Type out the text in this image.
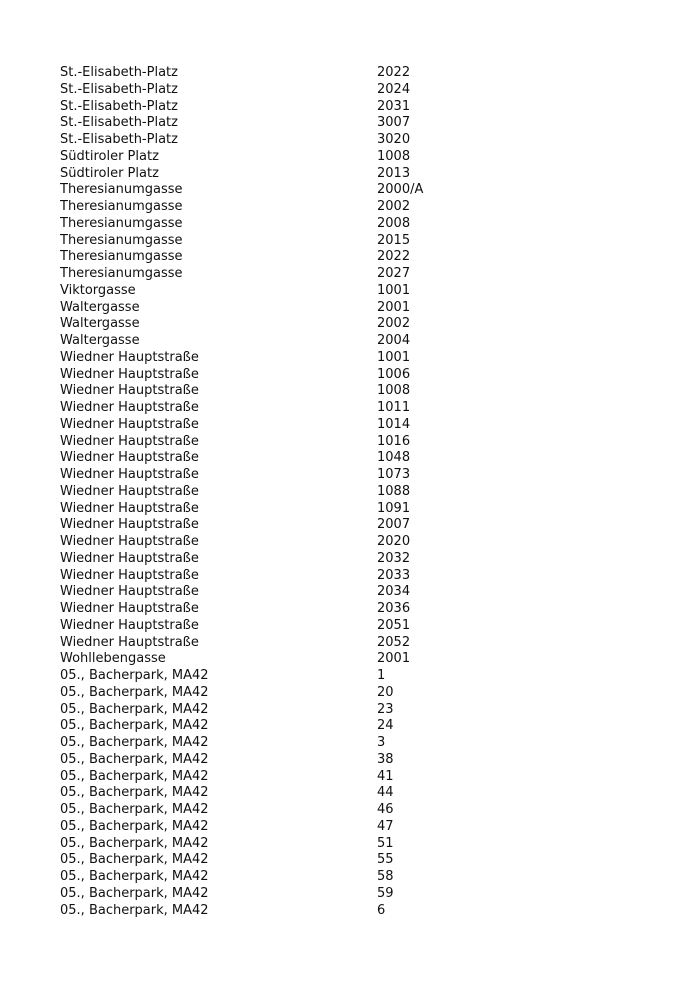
St.-Elisabeth-Platz	2022
St.-Elisabeth-Platz	2024
St.-Elisabeth-Platz	2031
St.-Elisabeth-Platz	3007
St.-Elisabeth-Platz	3020
Südtiroler Platz	1008
Südtiroler Platz	2013
Theresianumgasse	2000/A
Theresianumgasse	2002
Theresianumgasse	2008
Theresianumgasse	2015
Theresianumgasse	2022
Theresianumgasse	2027
Viktorgasse	1001
Waltergasse	2001
Waltergasse	2002
Waltergasse	2004
Wiedner Hauptstraße	1001
Wiedner Hauptstraße	1006
Wiedner Hauptstraße	1008
Wiedner Hauptstraße	1011
Wiedner Hauptstraße	1014
Wiedner Hauptstraße	1016
Wiedner Hauptstraße	1048
Wiedner Hauptstraße	1073
Wiedner Hauptstraße	1088
Wiedner Hauptstraße	1091
Wiedner Hauptstraße	2007
Wiedner Hauptstraße	2020
Wiedner Hauptstraße	2032
Wiedner Hauptstraße	2033
Wiedner Hauptstraße	2034
Wiedner Hauptstraße	2036
Wiedner Hauptstraße	2051
Wiedner Hauptstraße	2052
Wohllebengasse	2001
05., Bacherpark, MA42	1
05., Bacherpark, MA42	20
05., Bacherpark, MA42	23
05., Bacherpark, MA42	24
05., Bacherpark, MA42	3
05., Bacherpark, MA42	38
05., Bacherpark, MA42	41
05., Bacherpark, MA42	44
05., Bacherpark, MA42	46
05., Bacherpark, MA42	47
05., Bacherpark, MA42	51
05., Bacherpark, MA42	55
05., Bacherpark, MA42	58
05., Bacherpark, MA42	59
05., Bacherpark, MA42	6
